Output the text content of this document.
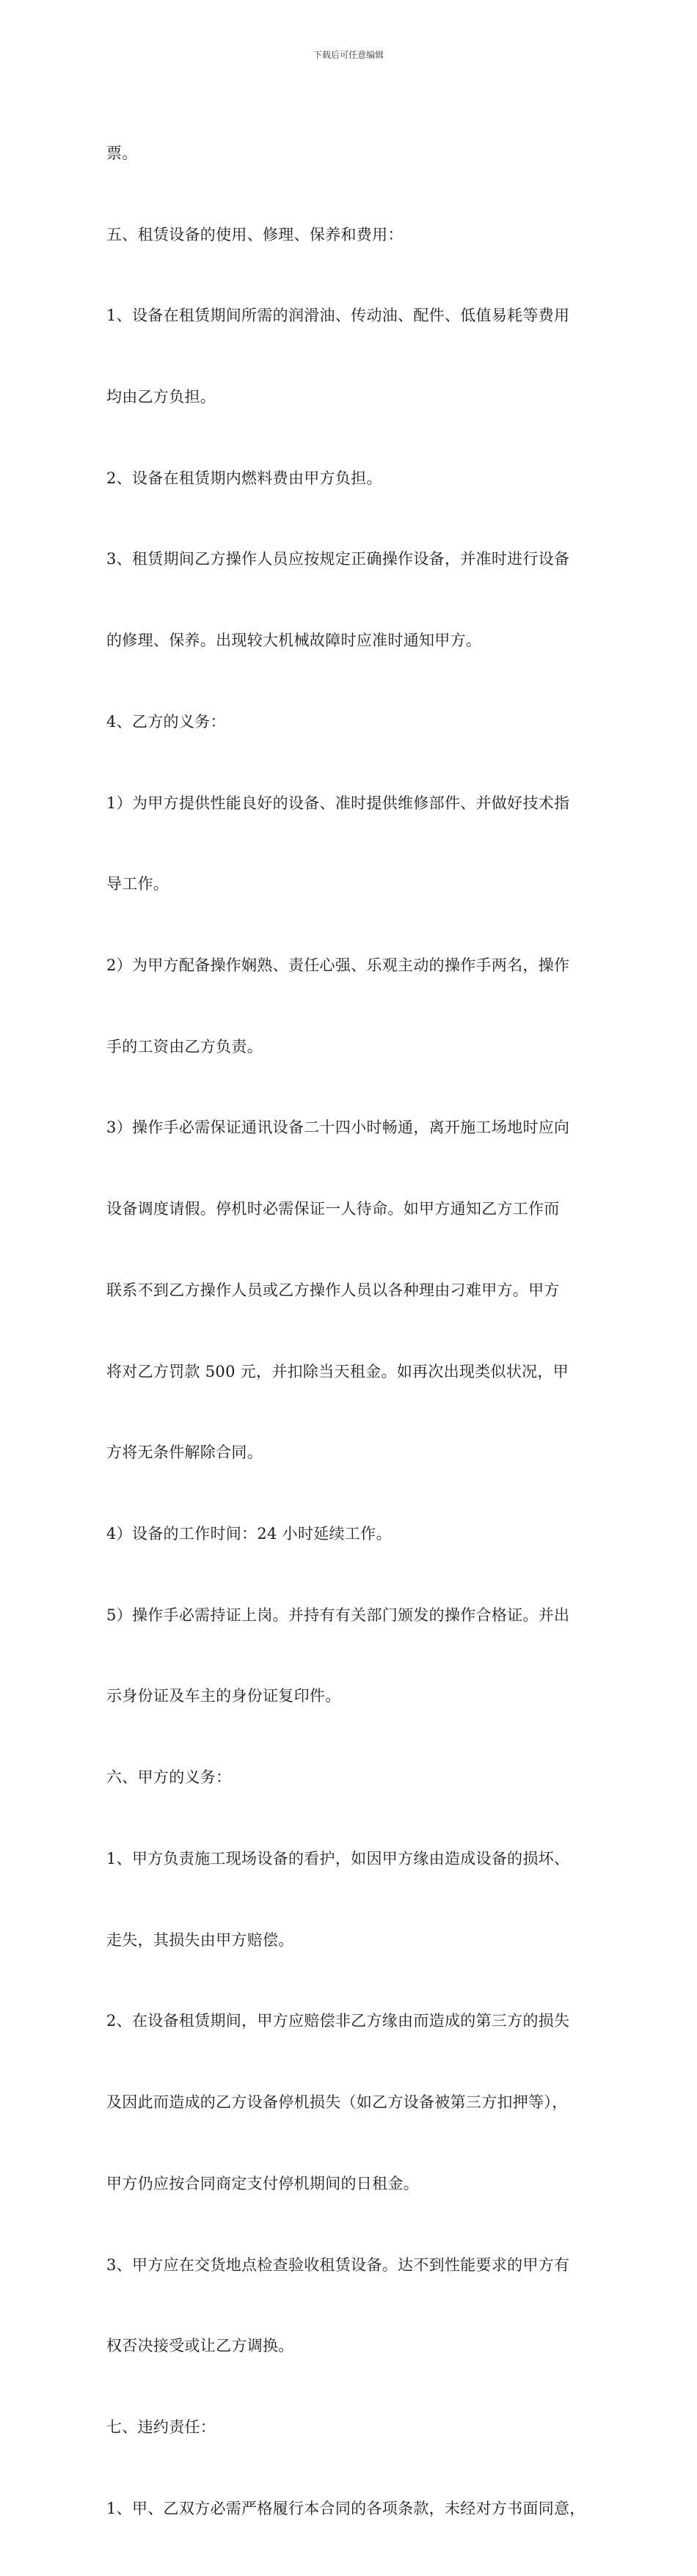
下载后可任意编辑

票。

五、租赁设备的使用、修理、保养和费用：

1、设备在租赁期间所需的润滑油、传动油、配件、低值易耗等费用

均由乙方负担。

2、设备在租赁期内燃料费由甲方负担。

3、租赁期间乙方操作人员应按规定正确操作设备，并准时进行设备

的修理、保养。出现较大机械故障时应准时通知甲方。

4、乙方的义务：

1）为甲方提供性能良好的设备、准时提供维修部件、并做好技术指

导工作。

2）为甲方配备操作娴熟、责任心强、乐观主动的操作手两名，操作

手的工资由乙方负责。

3）操作手必需保证通讯设备二十四小时畅通，离开施工场地时应向

设备调度请假。停机时必需保证一人待命。如甲方通知乙方工作而

联系不到乙方操作人员或乙方操作人员以各种理由刁难甲方。甲方

将对乙方罚款 500 元，并扣除当天租金。如再次出现类似状况，甲

方将无条件解除合同。

4）设备的工作时间：24 小时延续工作。

5）操作手必需持证上岗。并持有有关部门颁发的操作合格证。并出

示身份证及车主的身份证复印件。

六、甲方的义务：

1、甲方负责施工现场设备的看护，如因甲方缘由造成设备的损坏、

走失，其损失由甲方赔偿。

2、在设备租赁期间，甲方应赔偿非乙方缘由而造成的第三方的损失

及因此而造成的乙方设备停机损失（如乙方设备被第三方扣押等），

甲方仍应按合同商定支付停机期间的日租金。

3、甲方应在交货地点检查验收租赁设备。达不到性能要求的甲方有

权否决接受或让乙方调换。

七、违约责任：

1、甲、乙双方必需严格履行本合同的各项条款，未经对方书面同意，
